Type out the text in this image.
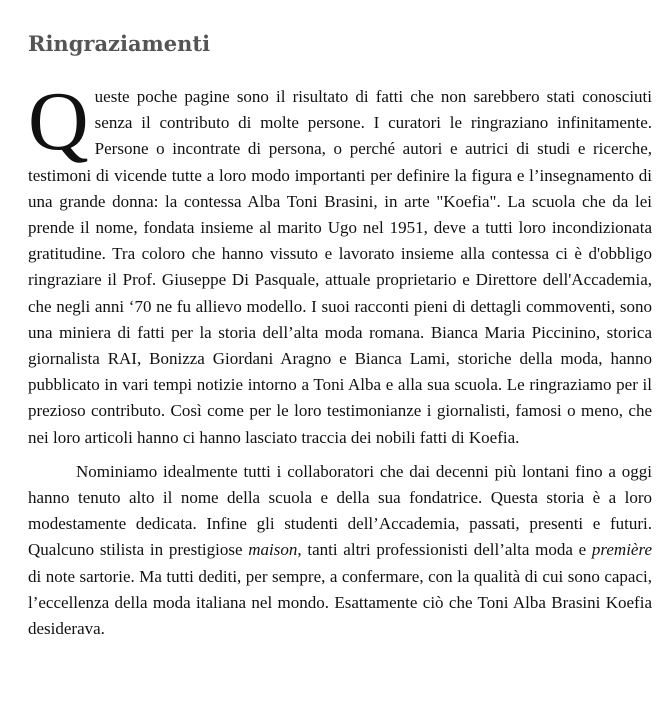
Ringraziamenti

Queste poche pagine sono il risultato di fatti che non sarebbero stati conosciuti senza il contributo di molte persone. I curatori le ringraziano infinitamente. Persone o incontrate di persona, o perché autori e autrici di studi e ricerche, testimoni di vicende tutte a loro modo importanti per definire la figura e l’insegnamento di una grande donna: la contessa Alba Toni Brasini, in arte "Koefia". La scuola che da lei prende il nome, fondata insieme al marito Ugo nel 1951, deve a tutti loro incondizionata gratitudine. Tra coloro che hanno vissuto e lavorato insieme alla contessa ci è d'obbligo ringraziare il Prof. Giuseppe Di Pasquale, attuale proprietario e Direttore dell'Accademia, che negli anni ‘70 ne fu allievo modello. I suoi racconti pieni di dettagli commoventi, sono una miniera di fatti per la storia dell’alta moda romana. Bianca Maria Piccinino, storica giornalista RAI, Bonizza Giordani Aragno e Bianca Lami, storiche della moda, hanno pubblicato in vari tempi notizie intorno a Toni Alba e alla sua scuola. Le ringraziamo per il prezioso contributo. Così come per le loro testimonianze i giornalisti, famosi o meno, che nei loro articoli hanno ci hanno lasciato traccia dei nobili fatti di Koefia.

Nominiamo idealmente tutti i collaboratori che dai decenni più lontani fino a oggi hanno tenuto alto il nome della scuola e della sua fondatrice. Questa storia è a loro modestamente dedicata. Infine gli studenti dell’Accademia, passati, presenti e futuri. Qualcuno stilista in prestigiose maison, tanti altri professionisti dell’alta moda e première di note sartorie. Ma tutti dediti, per sempre, a confermare, con la qualità di cui sono capaci, l’eccellenza della moda italiana nel mondo. Esattamente ciò che Toni Alba Brasini Koefia desiderava.
